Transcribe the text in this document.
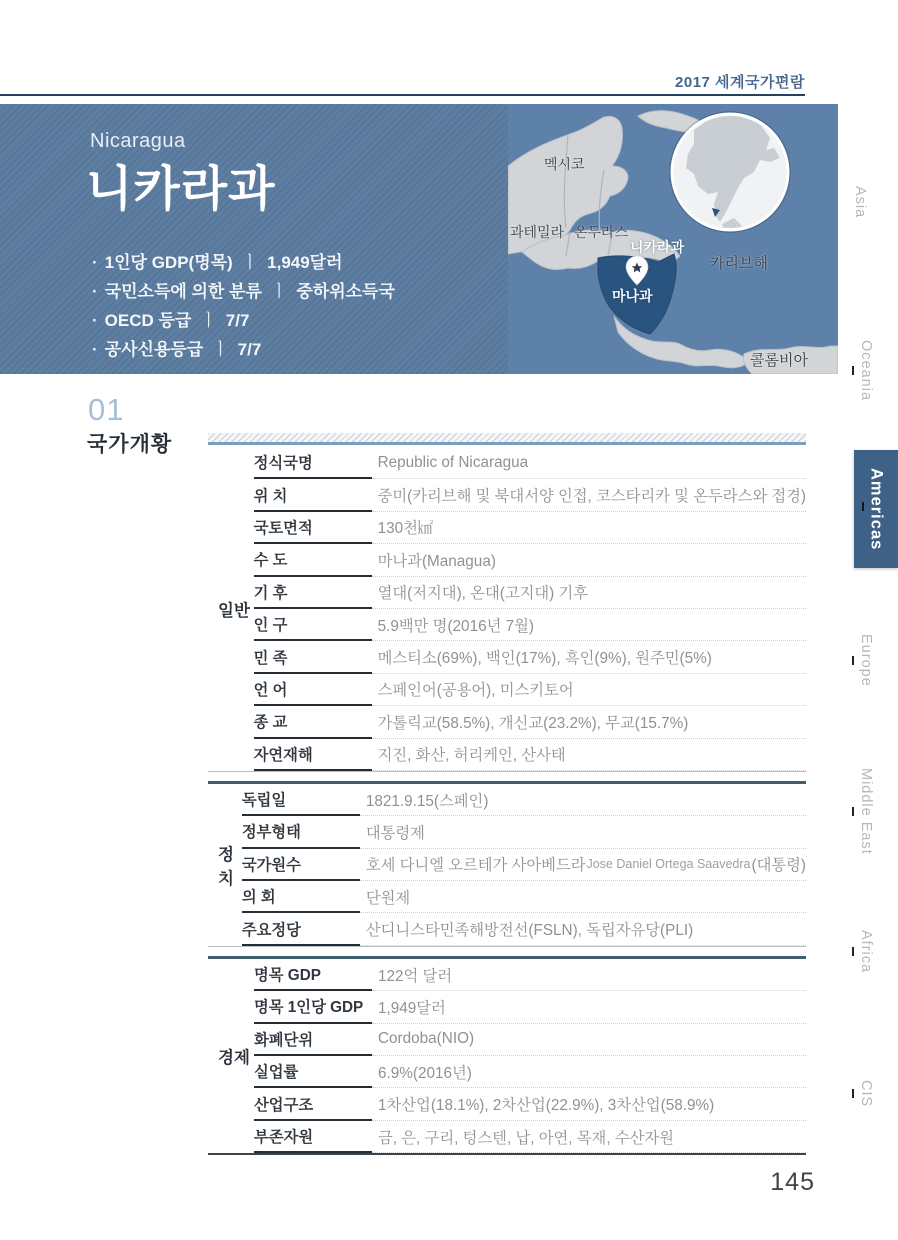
2017 세계국가편람
Nicaragua
니카라과
· 1인당 GDP(명목) ㅣ 1,949달러
· 국민소득에 의한 분류 ㅣ 중하위소득국
· OECD 등급 ㅣ 7/7
· 공사신용등급 ㅣ 7/7
멕시코
과테밀라 온두라스
니카라과
마나과
카리브해
콜롬비아
Asia
Oceania
Americas
Europe
Middle East
Africa
CIS
01
국가개황
일반
정식국명	Republic of Nicaragua
위 치	중미(카리브해 및 북대서양 인접, 코스타리카 및 온두라스와 접경)
국토면적	130천㎢
수 도	마나과(Managua)
기 후	열대(저지대), 온대(고지대) 기후
인 구	5.9백만 명(2016년 7월)
민 족	메스티소(69%), 백인(17%), 흑인(9%), 원주민(5%)
언 어	스페인어(공용어), 미스키토어
종 교	가톨릭교(58.5%), 개신교(23.2%), 무교(15.7%)
자연재해	지진, 화산, 허리케인, 산사태
정치
독립일	1821.9.15(스페인)
정부형태	대통령제
국가원수	호세 다니엘 오르테가 사아베드라 Jose Daniel Ortega Saavedra (대통령)
의 회	단원제
주요정당	산디니스타민족해방전선(FSLN), 독립자유당(PLI)
경제
명목 GDP	122억 달러
명목 1인당 GDP 1,949달러
화폐단위	Cordoba(NIO)
실업률	6.9%(2016년)
산업구조	1차산업(18.1%), 2차산업(22.9%), 3차산업(58.9%)
부존자원	금, 은, 구리, 텅스텐, 납, 아연, 목재, 수산자원
145
